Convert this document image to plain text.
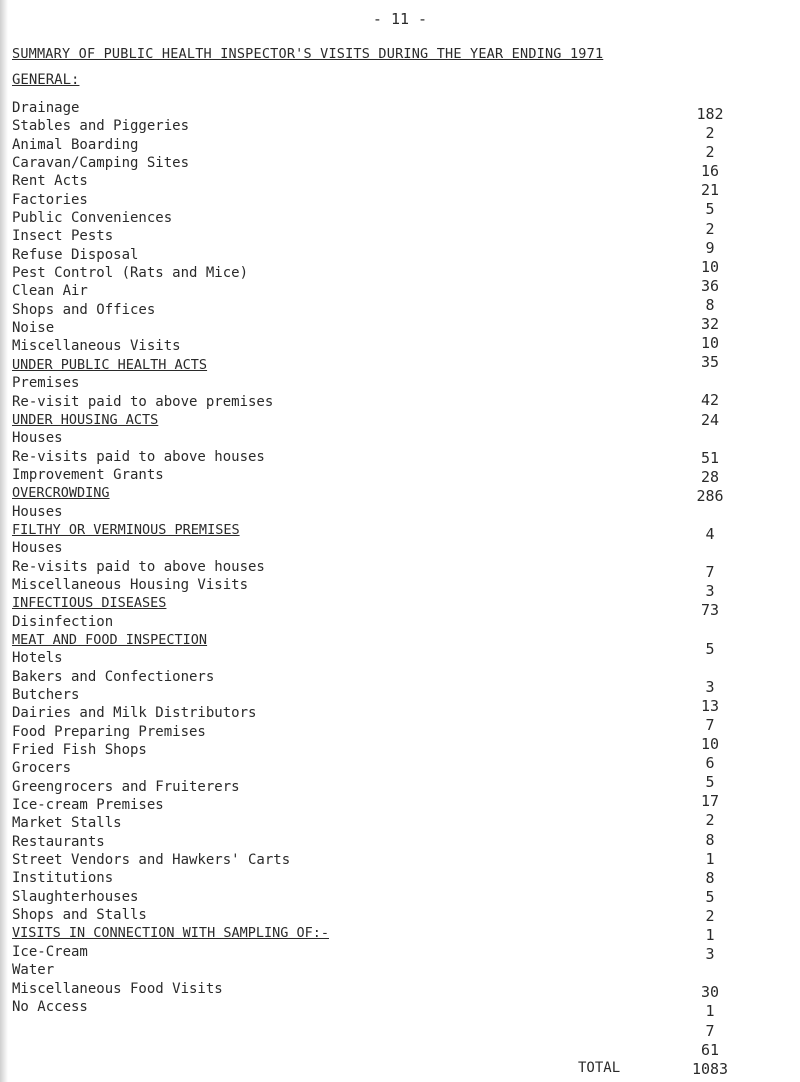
- 11 -
SUMMARY OF PUBLIC HEALTH INSPECTOR'S VISITS DURING THE YEAR ENDING 1971
GENERAL:
Drainage
Stables and Piggeries
Animal Boarding
Caravan/Camping Sites
Rent Acts
Factories
Public Conveniences
Insect Pests
Refuse Disposal
Pest Control (Rats and Mice)
Clean Air
Shops and Offices
Noise
Miscellaneous Visits
UNDER PUBLIC HEALTH ACTS
Premises
Re-visit paid to above premises
UNDER HOUSING ACTS
Houses
Re-visits paid to above houses
Improvement Grants
OVERCROWDING
Houses
FILTHY OR VERMINOUS PREMISES
Houses
Re-visits paid to above houses
Miscellaneous Housing Visits
INFECTIOUS DISEASES
Disinfection
MEAT AND FOOD INSPECTION
Hotels
Bakers and Confectioners
Butchers
Dairies and Milk Distributors
Food Preparing Premises
Fried Fish Shops
Grocers
Greengrocers and Fruiterers
Ice-cream Premises
Market Stalls
Restaurants
Street Vendors and Hawkers' Carts
Institutions
Slaughterhouses
Shops and Stalls
VISITS IN CONNECTION WITH SAMPLING OF:-
Ice-Cream
Water
Miscellaneous Food Visits
No Access
182
2
2
16
21
5
2
9
10
36
8
32
10
35
42
24
51
28
286
4
7
3
73
5
3
13
7
10
6
5
17
2
8
1
8
5
2
1
3
30
1
7
61
1083
TOTAL
